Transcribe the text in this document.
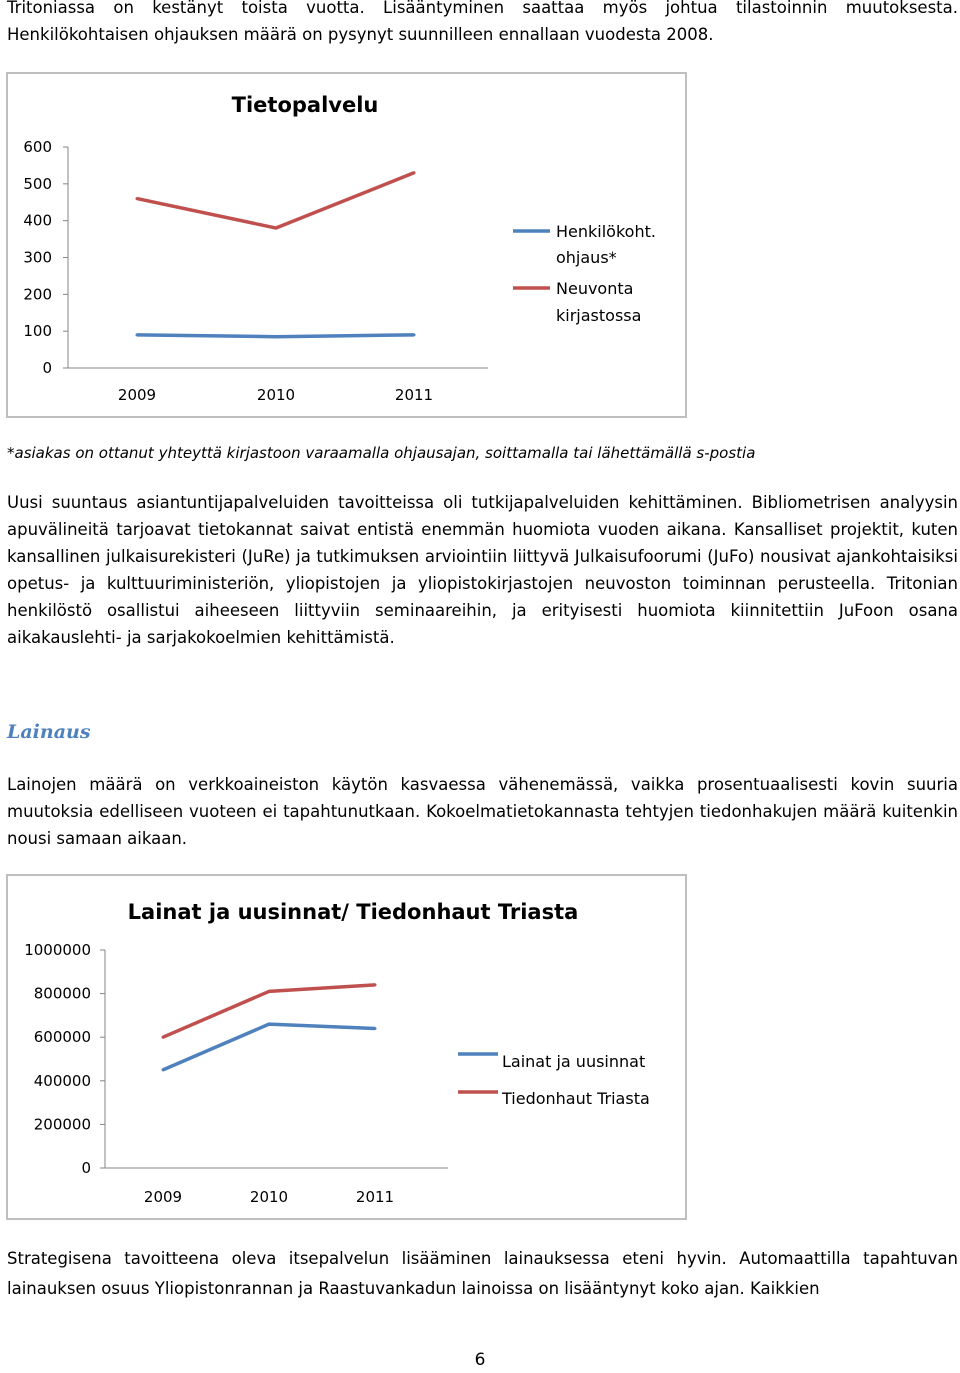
Tritoniassa on kestänyt toista vuotta. Lisääntyminen saattaa myös johtua tilastoinnin muutoksesta. Henkilökohtaisen ohjauksen määrä on pysynyt suunnilleen ennallaan vuodesta 2008.

Tietopalvelu
0
100
200
300
400
500
600
2009	2010	2011
Henkilökoht.
ohjaus*
Neuvonta
kirjastossa

*asiakas on ottanut yhteyttä kirjastoon varaamalla ohjausajan, soittamalla tai lähettämällä s-postia

Uusi suuntaus asiantuntijapalveluiden tavoitteissa oli tutkijapalveluiden kehittäminen. Bibliometrisen analyysin apuvälineitä tarjoavat tietokannat saivat entistä enemmän huomiota vuoden aikana. Kansalliset projektit, kuten kansallinen julkaisurekisteri (JuRe) ja tutkimuksen arviointiin liittyvä Julkaisufoorumi (JuFo) nousivat ajankohtaisiksi opetus- ja kulttuuriministeriön, yliopistojen ja yliopistokirjastojen neuvoston toiminnan perusteella. Tritonian henkilöstö osallistui aiheeseen liittyviin seminaareihin, ja erityisesti huomiota kiinnitettiin JuFoon osana aikakauslehti- ja sarjakokoelmien kehittämistä.

Lainaus

Lainojen määrä on verkkoaineiston käytön kasvaessa vähenemässä, vaikka prosentuaalisesti kovin suuria muutoksia edelliseen vuoteen ei tapahtunutkaan. Kokoelmatietokannasta tehtyjen tiedonhakujen määrä kuitenkin nousi samaan aikaan.

Lainat ja uusinnat/ Tiedonhaut Triasta
0
200000
400000
600000
800000
1000000
2009	2010	2011
Lainat ja uusinnat
Tiedonhaut Triasta

Strategisena tavoitteena oleva itsepalvelun lisääminen lainauksessa eteni hyvin. Automaattilla tapahtuvan lainauksen osuus Yliopistonrannan ja Raastuvankadun lainoissa on lisääntynyt koko ajan. Kaikkien

6
